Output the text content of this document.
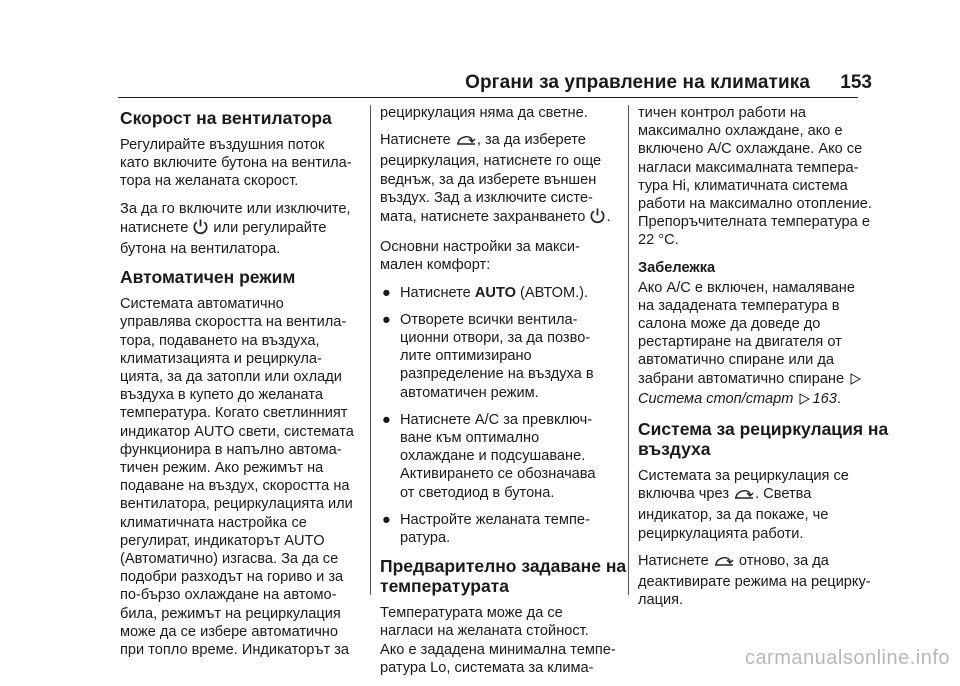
Органи за управление на климатика 153
Скорост на вентилатора

Регулирайте въздушния поток
като включите бутона на вентила-
тора на желаната скорост.

За да го включите или изключите,
натиснете  или регулирайте
бутона на вентилатора.

Автоматичен режим

Системата автоматично
управлява скоростта на вентила-
тора, подаването на въздуха,
климатизацията и рециркула-
цията, за да затопли или охлади
въздуха в купето до желаната
температура. Когато светлинният
индикатор AUTO свети, системата
функционира в напълно автома-
тичен режим. Ако режимът на
подаване на въздух, скоростта на
вентилатора, рециркулацията или
климатичната настройка се
регулират, индикаторът AUTO
(Автоматично) изгасва. За да се
подобри разходът на гориво и за
по-бързо охлаждане на автомо-
била, режимът на рециркулация
може да се избере автоматично
при топло време. Индикаторът за

рециркулация няма да светне.

Натиснете , за да изберете
рециркулация, натиснете го още
веднъж, за да изберете външен
въздух. Зад а изключите систе-
мата, натиснете захранването .

Основни настройки за макси-
мален комфорт:

● Натиснете AUTO (АВТОМ.).
● Отворете всички вентила-
ционни отвори, за да позво-
лите оптимизирано
разпределение на въздуха в
автоматичен режим.
● Натиснете A/C за превключ-
ване към оптимално
охлаждане и подсушаване.
Активирането се обозначава
от светодиод в бутона.
● Настройте желаната темпе-
ратура.
Предварително задаване на
температурата

Температурата може да се
нагласи на желаната стойност.
Ако е зададена минимална темпе-
ратура Lo, системата за клима-

тичен контрол работи на
максимално охлаждане, ако е
включено A/C охлаждане. Ако се
нагласи максималната темпера-
тура Hi, климатичната система
работи на максимално отопление.
Препоръчителната температура е
22 °C.

Забележка

Ако A/C е включен, намаляване
на зададената температура в
салона може да доведе до
рестартиране на двигателя от
автоматично спиране или да
забрани автоматично спиране
Система стоп/старт 163.

Система за рециркулация на
въздуха

Системата за рециркулация се
включва чрез . Светва
индикатор, за да покаже, че
рециркулацията работи.

Натиснете  отново, за да
деактивирате режима на рецирку-
лация.

carmanualsonline.info
